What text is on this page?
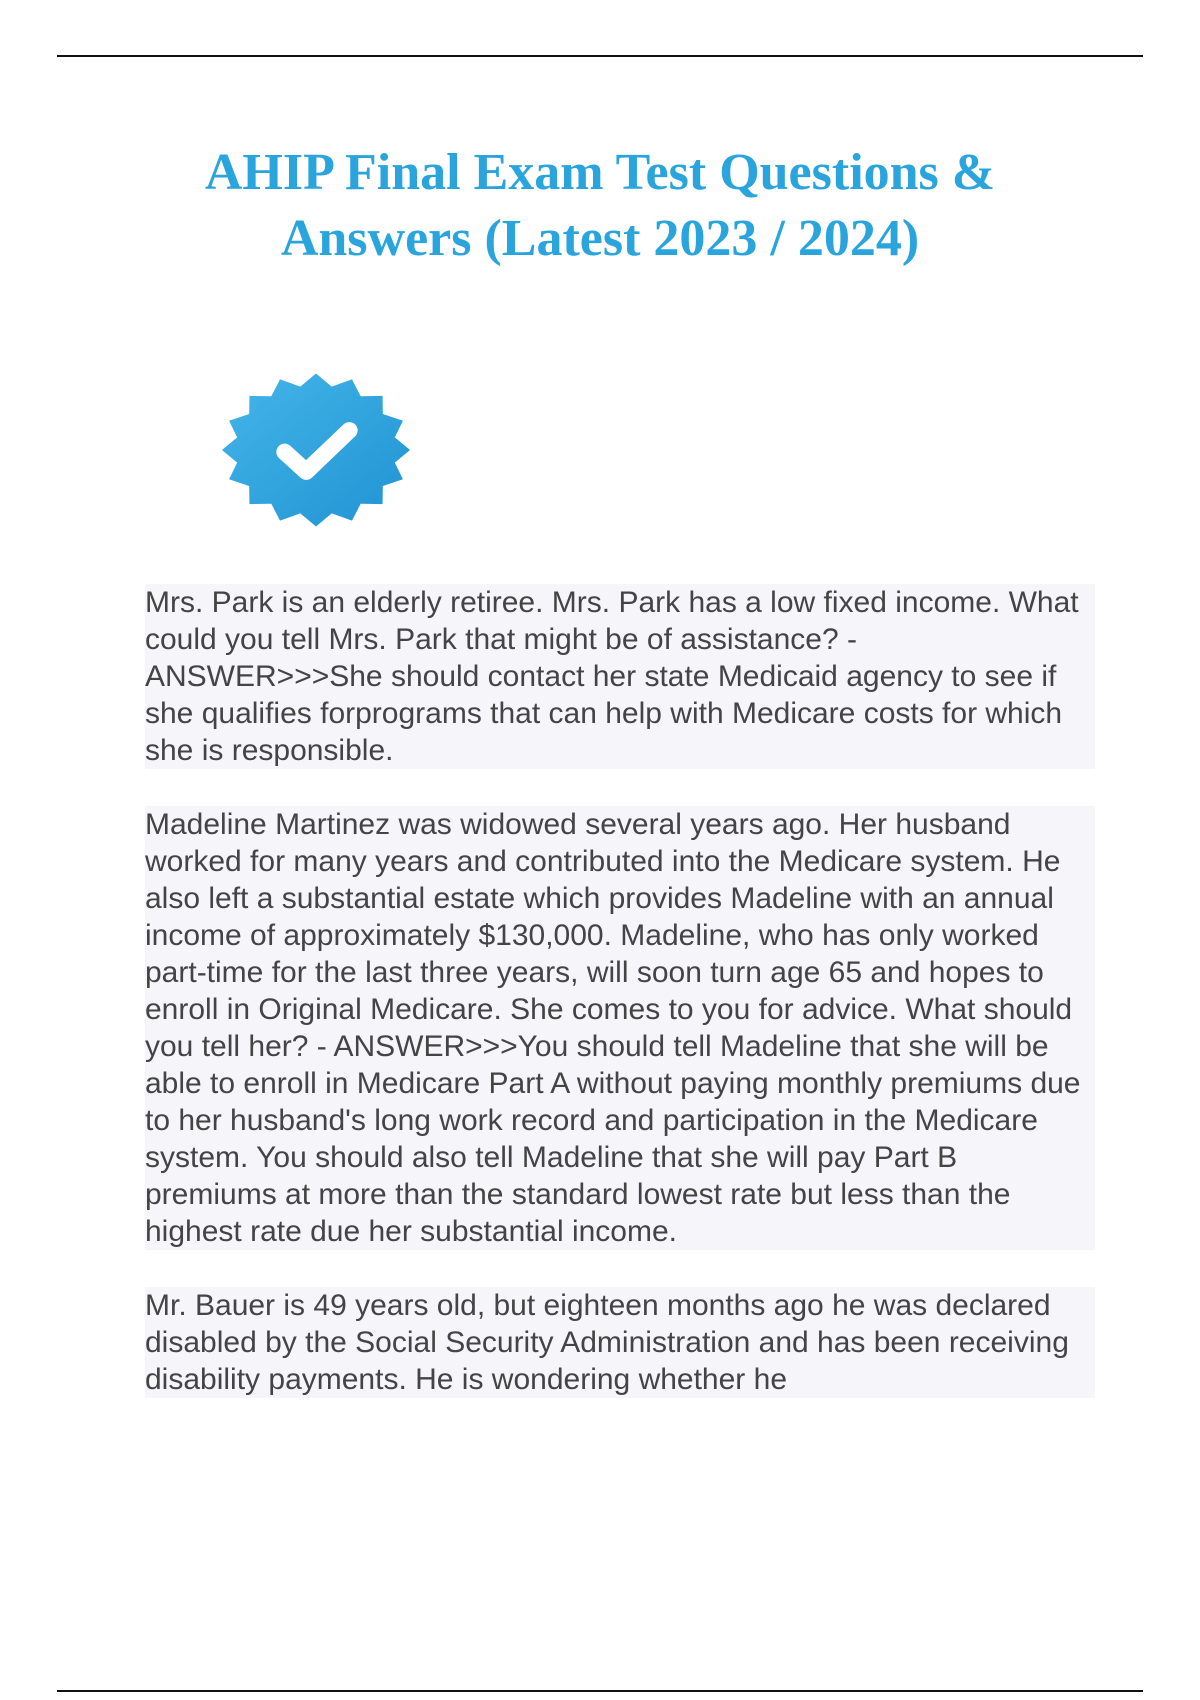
AHIP Final Exam Test Questions & Answers (Latest 2023 / 2024)

Mrs. Park is an elderly retiree. Mrs. Park has a low fixed income. What could you tell Mrs. Park that might be of assistance? - ANSWER>>>She should contact her state Medicaid agency to see if she qualifies forprograms that can help with Medicare costs for which she is responsible.

Madeline Martinez was widowed several years ago. Her husband worked for many years and contributed into the Medicare system. He also left a substantial estate which provides Madeline with an annual income of approximately $130,000. Madeline, who has only worked part-time for the last three years, will soon turn age 65 and hopes to enroll in Original Medicare. She comes to you for advice. What should you tell her? - ANSWER>>>You should tell Madeline that she will be able to enroll in Medicare Part A without paying monthly premiums due to her husband's long work record and participation in the Medicare system. You should also tell Madeline that she will pay Part B premiums at more than the standard lowest rate but less than the highest rate due her substantial income.

Mr. Bauer is 49 years old, but eighteen months ago he was declared disabled by the Social Security Administration and has been receiving disability payments. He is wondering whether he
